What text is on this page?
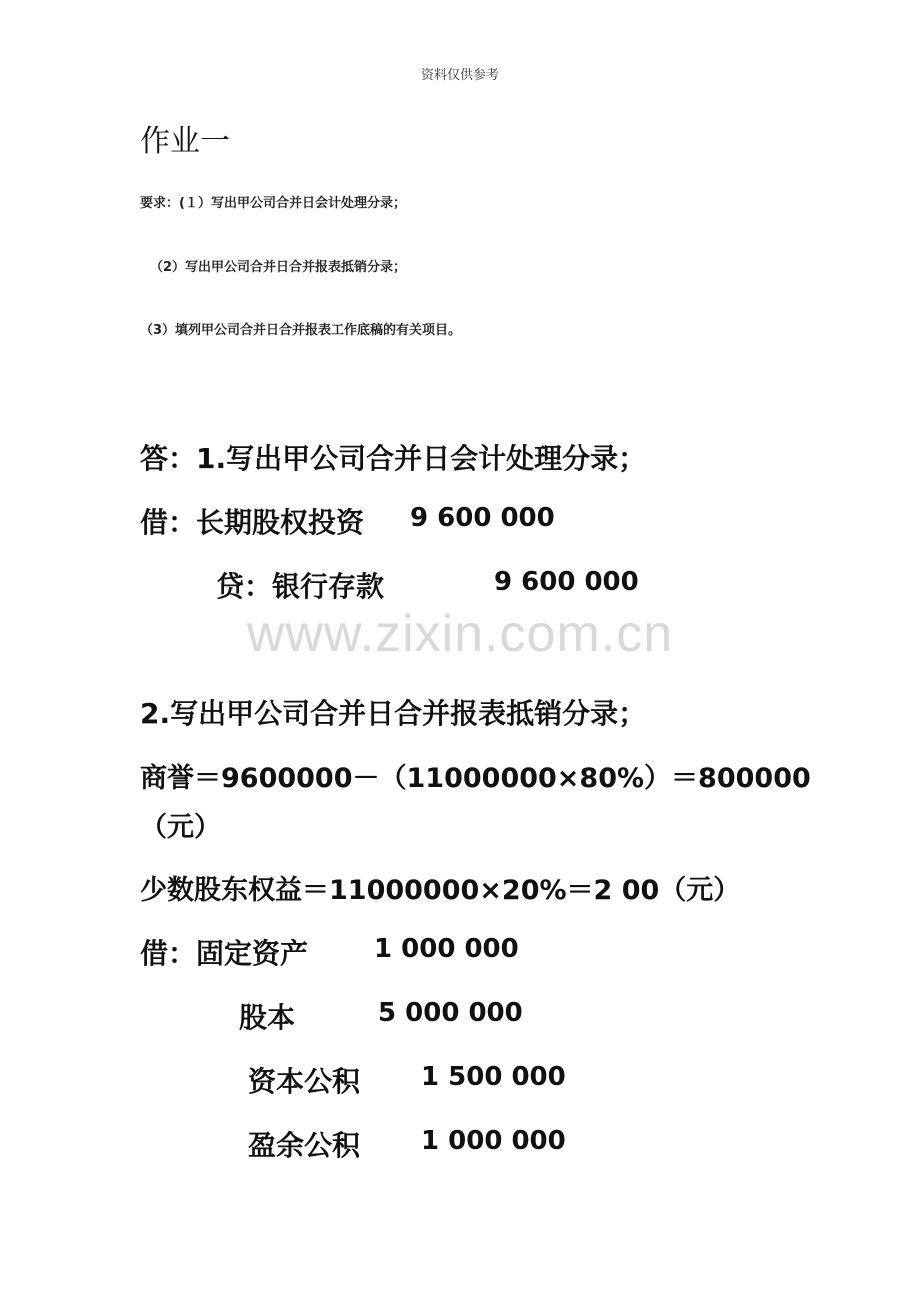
资料仅供参考
作业一
要求：(１）写出甲公司合并日会计处理分录；
（2）写出甲公司合并日合并报表抵销分录；
（3）填列甲公司合并日合并报表工作底稿的有关项目。
答：1.写出甲公司合并日会计处理分录；
借：长期股权投资 9 600 000
贷：银行存款	9 600 000
www.zixin.com.cn
2.写出甲公司合并日合并报表抵销分录；
商誉＝9600000－（11000000×80%）＝800000
（元）
少数股东权益＝11000000×20%＝2 00（元）
借：固定资产	1 000 000
股本	5 000 000
资本公积 1 500 000
盈余公积 1 000 000
